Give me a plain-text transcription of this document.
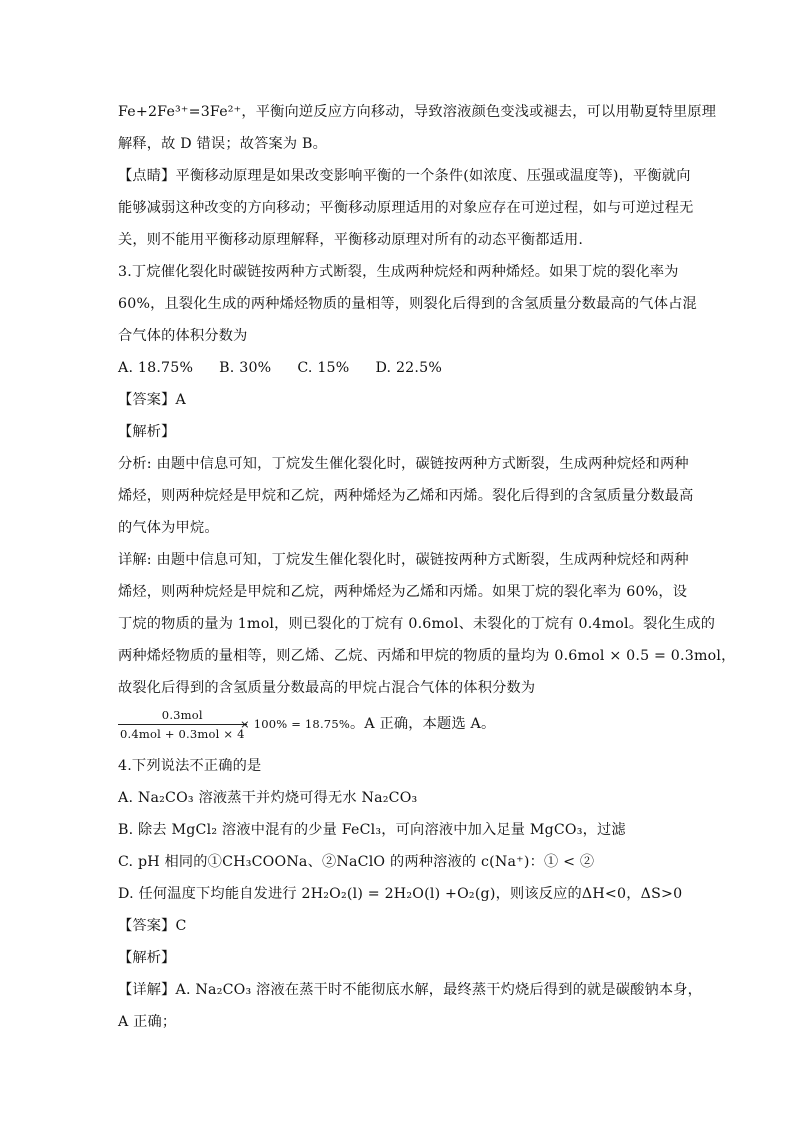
Fe+2Fe³⁺=3Fe²⁺，平衡向逆反应方向移动，导致溶液颜色变浅或褪去，可以用勒夏特里原理

解释，故 D 错误；故答案为 B。

【点睛】平衡移动原理是如果改变影响平衡的一个条件(如浓度、压强或温度等)，平衡就向

能够减弱这种改变的方向移动；平衡移动原理适用的对象应存在可逆过程，如与可逆过程无

关，则不能用平衡移动原理解释，平衡移动原理对所有的动态平衡都适用.

3.丁烷催化裂化时碳链按两种方式断裂，生成两种烷烃和两种烯烃。如果丁烷的裂化率为

60%，且裂化生成的两种烯烃物质的量相等，则裂化后得到的含氢质量分数最高的气体占混

合气体的体积分数为

A. 18.75% B. 30% C. 15% D. 22.5%

【答案】A

【解析】

分析: 由题中信息可知，丁烷发生催化裂化时，碳链按两种方式断裂，生成两种烷烃和两种

烯烃，则两种烷烃是甲烷和乙烷，两种烯烃为乙烯和丙烯。裂化后得到的含氢质量分数最高

的气体为甲烷。

详解: 由题中信息可知，丁烷发生催化裂化时，碳链按两种方式断裂，生成两种烷烃和两种

烯烃，则两种烷烃是甲烷和乙烷，两种烯烃为乙烯和丙烯。如果丁烷的裂化率为 60%，设

丁烷的物质的量为 1mol，则已裂化的丁烷有 0.6mol、未裂化的丁烷有 0.4mol。裂化生成的

两种烯烃物质的量相等，则乙烯、乙烷、丙烯和甲烷的物质的量均为 0.6mol × 0.5 = 0.3mol，

故裂化后得到的含氢质量分数最高的甲烷占混合气体的体积分数为

0.3mol
0.4mol + 0.3mol × 4
× 100% = 18.75%。A 正确，本题选 A。

4.下列说法不正确的是

A. Na₂CO₃ 溶液蒸干并灼烧可得无水 Na₂CO₃

B. 除去 MgCl₂ 溶液中混有的少量 FeCl₃，可向溶液中加入足量 MgCO₃，过滤

C. pH 相同的①CH₃COONa、②NaClO 的两种溶液的 c(Na⁺)：① < ②

D. 任何温度下均能自发进行 2H₂O₂(l) = 2H₂O(l) +O₂(g)，则该反应的ΔH<0，ΔS>0

【答案】C

【解析】

【详解】A. Na₂CO₃ 溶液在蒸干时不能彻底水解，最终蒸干灼烧后得到的就是碳酸钠本身，

A 正确；
